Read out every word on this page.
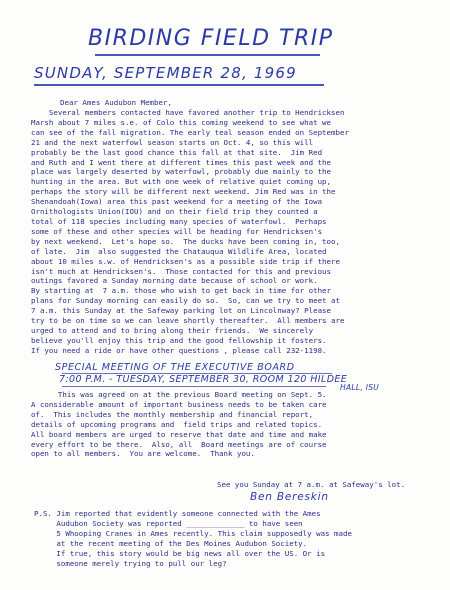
BIRDING FIELD TRIP
SUNDAY, SEPTEMBER 28, 1969
Dear Ames Audubon Member,
Several members contacted have favored another trip to Hendricksen
Marsh about 7 miles s.e. of Colo this coming weekend to see what we
can see of the fall migration. The early teal season ended on September
21 and the next waterfowl season starts on Oct. 4, so this will
probably be the last good chance this fall at that site.  Jim Red
and Ruth and I went there at different times this past week and the
place was largely deserted by waterfowl, probably due mainly to the
hunting in the area. But with one week of relative quiet coming up,
perhaps the story will be different next weekend. Jim Red was in the
Shenandoah(Iowa) area this past weekend for a meeting of the Iowa
Ornithologists Union(IOU) and on their field trip they counted a
total of 118 species including many species of waterfowl.  Perhaps
some of these and other species will be heading for Hendricksen's
by next weekend.  Let's hope so.  The ducks have been coming in, too,
of late.  Jim  also suggested the Chatauqua Wildlife Area, located
about 10 miles s.w. of Hendricksen's as a possible side trip if there
isn't much at Hendricksen's.  Those contacted for this and previous
outings favored a Sunday morning date because of school or work.
By starting at  7 a.m. those who wish to get back in time for other
plans for Sunday morning can easily do so.  So, can we try to meet at
7 a.m. this Sunday at the Safeway parking lot on Lincolnway? Please
try to be on time so we can leave shortly thereafter.  All members are
urged to attend and to bring along their friends.  We sincerely
believe you'll enjoy this trip and the good fellowship it fosters.
If you need a ride or have other questions , please call 232-1198.
SPECIAL MEETING OF THE EXECUTIVE BOARD
7:00 P.M. - TUESDAY, SEPTEMBER 30, ROOM 120 HILDEE
HALL, ISU
This was agreed on at the previous Board meeting on Sept. 5.
A considerable amount of important business needs to be taken care
of.  This includes the monthly membership and financial report,
details of upcoming programs and  field trips and related topics.
All board members are urged to reserve that date and time and make
every effort to be there.  Also, all  Board meetings are of course
open to all members.  You are welcome.  Thank you.
See you Sunday at 7 a.m. at Safeway's lot.
Ben Bereskin
P.S. Jim reported that evidently someone connected with the Ames
Audubon Society was reported _____________ to have seen
5 Whooping Cranes in Ames recently. This claim supposedly was made
at the recent meeting of the Des Moines Audubon Society.
If true, this story would be big news all over the US. Or is
someone merely trying to pull our leg?
